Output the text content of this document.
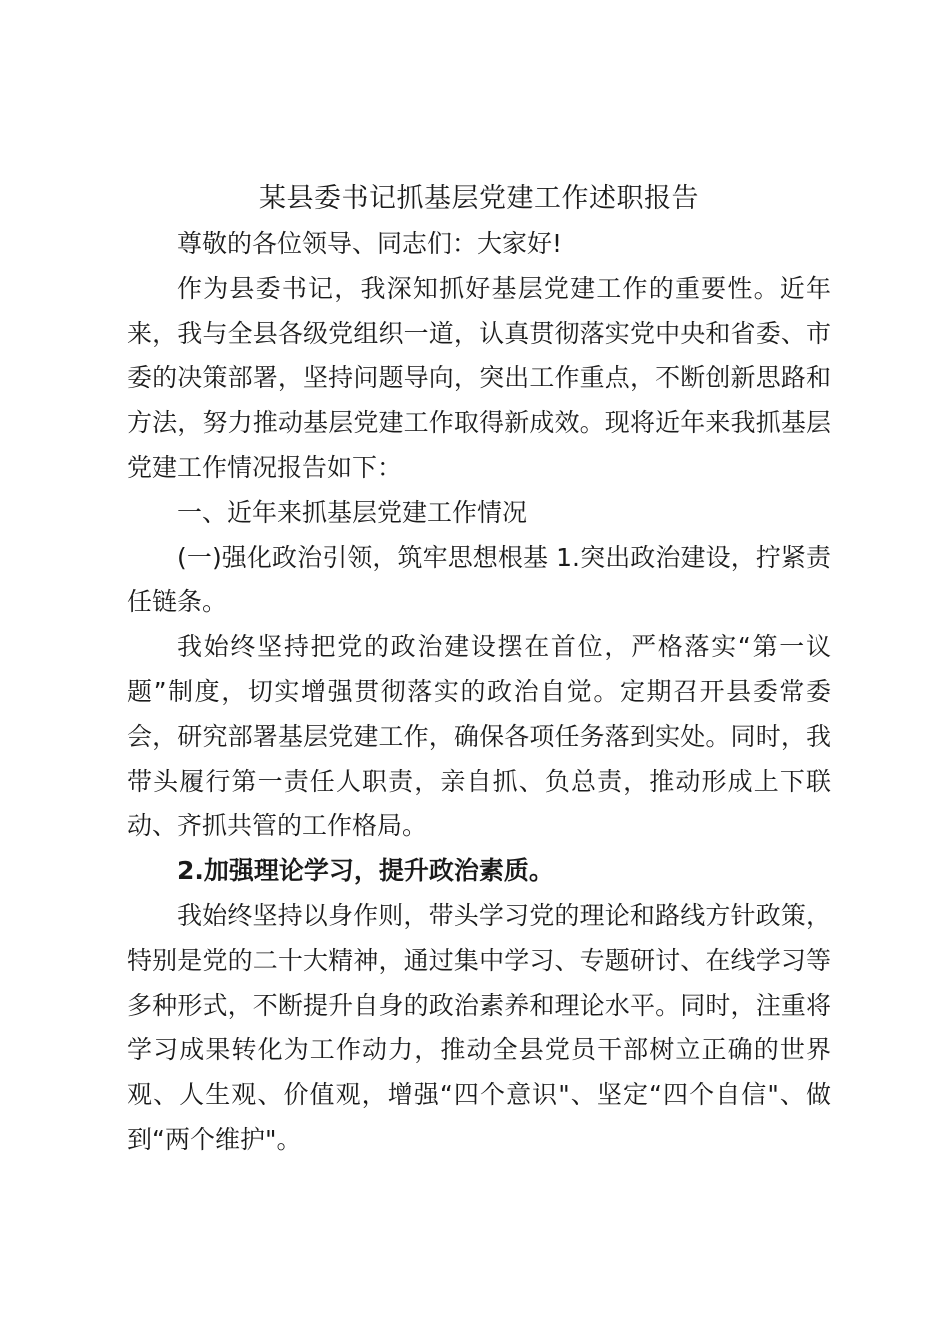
某县委书记抓基层党建工作述职报告

尊敬的各位领导、同志们：大家好!

作为县委书记，我深知抓好基层党建工作的重要性。近年来，我与全县各级党组织一道，认真贯彻落实党中央和省委、市委的决策部署，坚持问题导向，突出工作重点，不断创新思路和方法，努力推动基层党建工作取得新成效。现将近年来我抓基层党建工作情况报告如下：

一、近年来抓基层党建工作情况

(一)强化政治引领，筑牢思想根基 1.突出政治建设，拧紧责任链条。

我始终坚持把党的政治建设摆在首位，严格落实“第一议题”制度，切实增强贯彻落实的政治自觉。定期召开县委常委会，研究部署基层党建工作，确保各项任务落到实处。同时，我带头履行第一责任人职责，亲自抓、负总责，推动形成上下联动、齐抓共管的工作格局。

2.加强理论学习，提升政治素质。

我始终坚持以身作则，带头学习党的理论和路线方针政策，特别是党的二十大精神，通过集中学习、专题研讨、在线学习等多种形式，不断提升自身的政治素养和理论水平。同时，注重将学习成果转化为工作动力，推动全县党员干部树立正确的世界观、人生观、价值观，增强“四个意识"、坚定“四个自信"、做到“两个维护"。
